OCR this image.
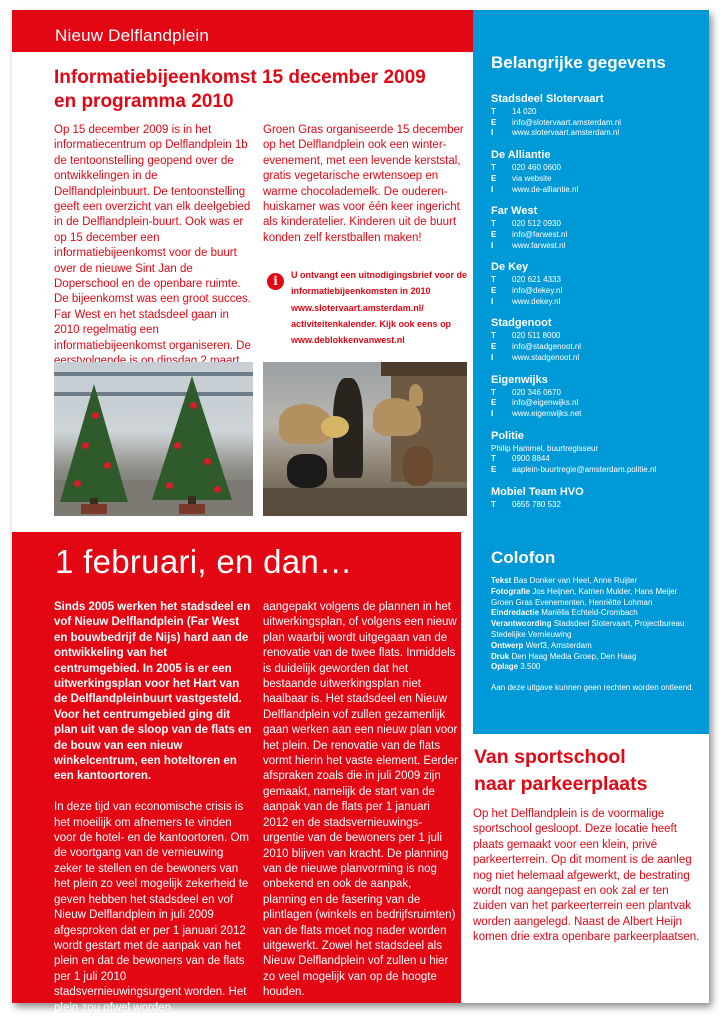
Nieuw Delflandplein
Informatiebijeenkomst 15 december 2009
en programma 2010
Op 15 december 2009 is in het informatiecentrum op Delflandplein 1b de tentoonstelling geopend over de ontwikkelingen in de Delflandpleinbuurt. De tentoonstelling geeft een overzicht van elk deelgebied in de Delflandplein-buurt. Ook was er op 15 december een informatiebijeenkomst voor de buurt over de nieuwe Sint Jan de Doperschool en de openbare ruimte. De bijeenkomst was een groot succes. Far West en het stadsdeel gaan in 2010 regelmatig een informatiebijeenkomst organiseren. De
Groen Gras organiseerde 15 december op het Delflandplein ook een winter-evenement, met een levende kerststal, gratis vegetarische erwtensoep en warme chocolademelk. De ouderen-huiskamer was voor één keer ingericht als kinderatelier. Kinderen uit de buurt konden zelf kerstballen maken!
i	U ontvangt een uitnodigingsbrief voor de informatiebijeenkomsten in 2010 www.slotervaart.amsterdam.nl/ activiteitenkalender. Kijk ook eens op www.deblokkenvanwest.nl
1 februari, en dan…
Sinds 2005 werken het stadsdeel en vof Nieuw Delflandplein (Far West en bouwbedrijf de Nijs) hard aan de ontwikkeling van het centrumgebied. In 2005 is er een uitwerkingsplan voor het Hart van de Delflandpleinbuurt vastgesteld. Voor het centrumgebied ging dit plan uit van de sloop van de flats en de bouw van een nieuw winkelcentrum, een hoteltoren en een kantoortoren.
In deze tijd van economische crisis is het moeilijk om afnemers te vinden voor de hotel- en de kantoortoren. Om de voortgang van de vernieuwing zeker te stellen en de bewoners van het plein zo veel mogelijk zekerheid te geven hebben het stadsdeel en vof Nieuw Delflandplein in juli 2009 afgesproken dat er per 1 januari 2012 wordt gestart met de aanpak van het plein en dat de bewoners van de flats per 1 juli 2010 stadsvernieuwingsurgent worden. Het plein zou ofwel worden
aangepakt volgens de plannen in het uitwerkingsplan, of volgens een nieuw plan waarbij wordt uitgegaan van de renovatie van de twee flats. Inmiddels is duidelijk geworden dat het bestaande uitwerkingsplan niet haalbaar is. Het stadsdeel en Nieuw Delflandplein vof zullen gezamenlijk gaan werken aan een nieuw plan voor het plein. De renovatie van de flats vormt hierin het vaste element. Eerder afspraken zoals die in juli 2009 zijn gemaakt, namelijk de start van de aanpak van de flats per 1 januari 2012 en de stadsvernieuwings-urgentie van de bewoners per 1 juli 2010 blijven van kracht. De planning van de nieuwe planvorming is nog onbekend en ook de aanpak, planning en de fasering van de plintlagen (winkels en bedrijfsruimten) van de flats moet nog nader worden uitgewerkt. Zowel het stadsdeel als Nieuw Delflandplein vof zullen u hier zo veel mogelijk van op de hoogte houden.
Belangrijke gegevens
Stadsdeel Slotervaart
T	14 020
E	info@slotervaart.amsterdam.nl
I	www.slotervaart.amsterdam.nl
De Alliantie
T	020 460 0600
E	via website
I	www.de-alliantie.nl
Far West
T	020 512 0930
E	info@farwest.nl
I	www.farwest.nl
De Key
T	020 621 4333
E	info@dekey.nl
I	www.dekey.nl
Stadgenoot
T	020 511 8000
E	info@stadgenoot.nl
I	www.stadgenoot.nl
Eigenwijks
T	020 346 0670
E	info@eigenwijks.nl
I	www.eigenwijks.net
Politie
Philip Hammel, buurtregisseur
T	0900 8844
E	aaplein-buurtregie@amsterdam.politie.nl
Mobiel Team HVO
T	0655 780 532
Colofon
Tekst Bas Donker van Heel, Anne Ruijter
Fotografie Jos Heijnen, Katrien Mulder, Hans Meijer Groen Gras Evenementen, Henriëtte Lohman
Eindredactie Mariëlla Echteld-Crombach
Verantwoording Stadsdeel Slotervaart, Projectbureau Stedelijke Vernieuwing
Ontwerp Werf3, Amsterdam
Druk Den Haag Media Groep, Den Haag
Oplage 3.500
Aan deze uitgave kunnen geen rechten worden ontleend.
Van sportschool
naar parkeerplaats
Op het Delflandplein is de voormalige sportschool gesloopt. Deze locatie heeft plaats gemaakt voor een klein, privé parkeerterrein. Op dit moment is de aanleg nog niet helemaal afgewerkt, de bestrating wordt nog aangepast en ook zal er ten zuiden van het parkeerterrein een plantvak worden aangelegd. Naast de Albert Heijn komen drie extra openbare parkeerplaatsen.
